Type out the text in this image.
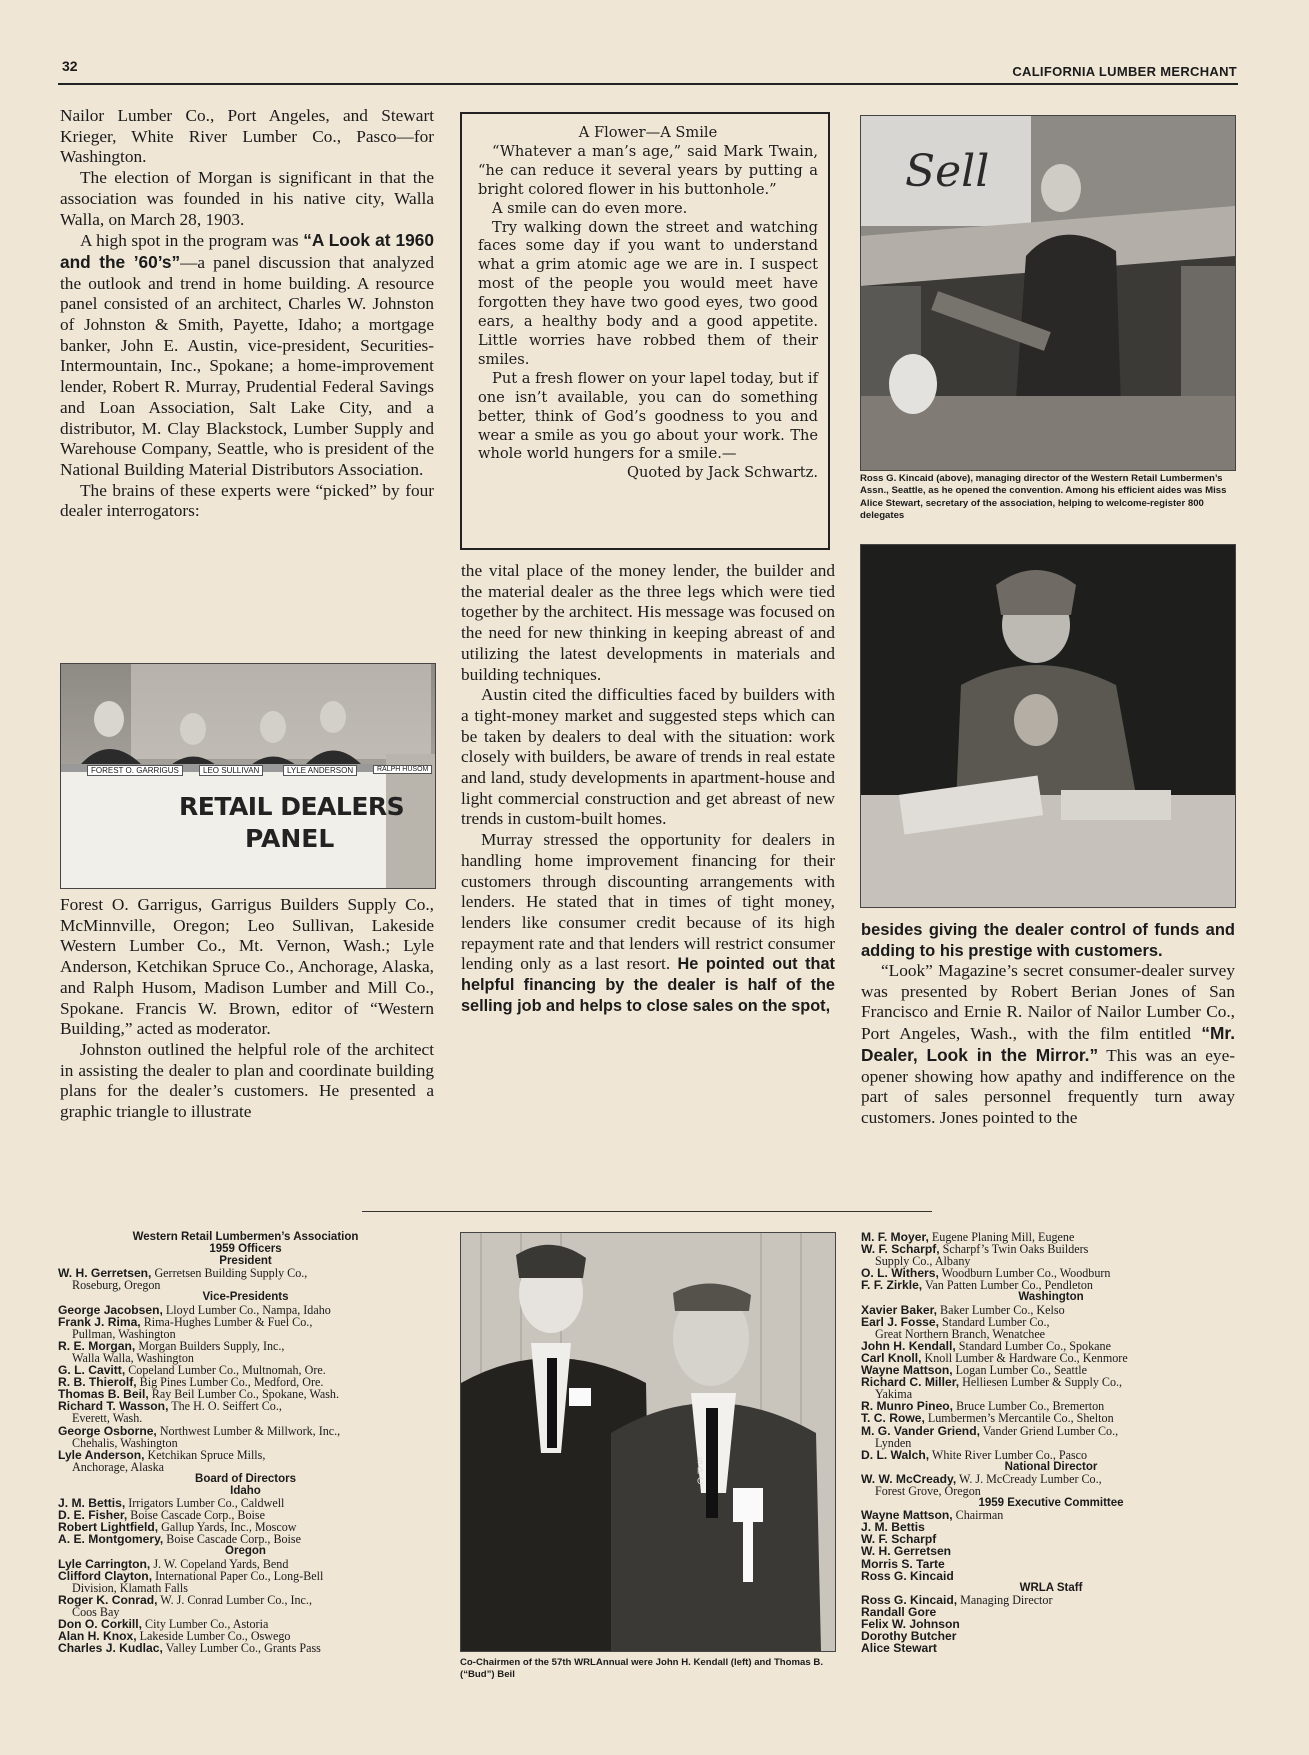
32	CALIFORNIA LUMBER MERCHANT

Nailor Lumber Co., Port Angeles, and Stewart Krieger, White River Lumber Co., Pasco—for Washington.

The election of Morgan is significant in that the association was founded in his native city, Walla Walla, on March 28, 1903.

A high spot in the program was “A Look at 1960 and the ’60’s”—a panel discussion that analyzed the outlook and trend in home building. A resource panel consisted of an architect, Charles W. Johnston of Johnston & Smith, Payette, Idaho; a mortgage banker, John E. Austin, vice-president, Securities-Intermountain, Inc., Spokane; a home-improvement lender, Robert R. Murray, Prudential Federal Savings and Loan Association, Salt Lake City, and a distributor, M. Clay Blackstock, Lumber Supply and Warehouse Company, Seattle, who is president of the National Building Material Distributors Association.

The brains of these experts were “picked” by four dealer interrogators:

FOREST O. GARRIGUS	LEO SULLIVAN	LYLE ANDERSON	RALPH HUSOM
RETAIL DEALERS
PANEL

Forest O. Garrigus, Garrigus Builders Supply Co., McMinnville, Oregon; Leo Sullivan, Lakeside Western Lumber Co., Mt. Vernon, Wash.; Lyle Anderson, Ketchikan Spruce Co., Anchorage, Alaska, and Ralph Husom, Madison Lumber and Mill Co., Spokane. Francis W. Brown, editor of “Western Building,” acted as moderator.

Johnston outlined the helpful role of the architect in assisting the dealer to plan and coordinate building plans for the dealer’s customers. He presented a graphic triangle to illustrate

A Flower—A Smile

“Whatever a man’s age,” said Mark Twain, “he can reduce it several years by putting a bright colored flower in his buttonhole.”

A smile can do even more.

Try walking down the street and watching faces some day if you want to understand what a grim atomic age we are in. I suspect most of the people you would meet have forgotten they have two good eyes, two good ears, a healthy body and a good appetite. Little worries have robbed them of their smiles.

Put a fresh flower on your lapel today, but if one isn’t available, you can do something better, think of God’s goodness to you and wear a smile as you go about your work. The whole world hungers for a smile.—

Quoted by Jack Schwartz.

the vital place of the money lender, the builder and the material dealer as the three legs which were tied together by the architect. His message was focused on the need for new thinking in keeping abreast of and utilizing the latest developments in materials and building techniques.

Austin cited the difficulties faced by builders with a tight-money market and suggested steps which can be taken by dealers to deal with the situation: work closely with builders, be aware of trends in real estate and land, study developments in apartment-house and light commercial construction and get abreast of new trends in custom-built homes.

Murray stressed the opportunity for dealers in handling home improvement financing for their customers through discounting arrangements with lenders. He stated that in times of tight money, lenders like consumer credit because of its high repayment rate and that lenders will restrict consumer lending only as a last resort. He pointed out that helpful financing by the dealer is half of the selling job and helps to close sales on the spot,

Sell
Ross G. Kincaid (above), managing director of the Western Retail Lumbermen’s Assn., Seattle, as he opened the convention. Among his efficient aides was Miss Alice Stewart, secretary of the association, helping to welcome-register 800 delegates

besides giving the dealer control of funds and adding to his prestige with customers.

“Look” Magazine’s secret consumer-dealer survey was presented by Robert Berian Jones of San Francisco and Ernie R. Nailor of Nailor Lumber Co., Port Angeles, Wash., with the film entitled “Mr. Dealer, Look in the Mirror.” This was an eye-opener showing how apathy and indifference on the part of sales personnel frequently turn away customers. Jones pointed to the

Western Retail Lumbermen’s Association
1959 Officers
President
W. H. Gerretsen, Gerretsen Building Supply Co.,
Roseburg, Oregon
Vice-Presidents
George Jacobsen, Lloyd Lumber Co., Nampa, Idaho
Frank J. Rima, Rima-Hughes Lumber & Fuel Co.,
Pullman, Washington
R. E. Morgan, Morgan Builders Supply, Inc.,
Walla Walla, Washington
G. L. Cavitt, Copeland Lumber Co., Multnomah, Ore.
R. B. Thierolf, Big Pines Lumber Co., Medford, Ore.
Thomas B. Beil, Ray Beil Lumber Co., Spokane, Wash.
Richard T. Wasson, The H. O. Seiffert Co.,
Everett, Wash.
George Osborne, Northwest Lumber & Millwork, Inc.,
Chehalis, Washington
Lyle Anderson, Ketchikan Spruce Mills,
Anchorage, Alaska
Board of Directors
Idaho
J. M. Bettis, Irrigators Lumber Co., Caldwell
D. E. Fisher, Boise Cascade Corp., Boise
Robert Lightfield, Gallup Yards, Inc., Moscow
A. E. Montgomery, Boise Cascade Corp., Boise
Oregon
Lyle Carrington, J. W. Copeland Yards, Bend
Clifford Clayton, International Paper Co., Long-Bell
Division, Klamath Falls
Roger K. Conrad, W. J. Conrad Lumber Co., Inc.,
Coos Bay
Don O. Corkill, City Lumber Co., Astoria
Alan H. Knox, Lakeside Lumber Co., Oswego
Charles J. Kudlac, Valley Lumber Co., Grants Pass
SPC
Co-Chairmen of the 57th WRLAnnual were John H. Kendall (left) and Thomas B. (“Bud”) Beil
M. F. Moyer, Eugene Planing Mill, Eugene
W. F. Scharpf, Scharpf’s Twin Oaks Builders
Supply Co., Albany
O. L. Withers, Woodburn Lumber Co., Woodburn
F. F. Zirkle, Van Patten Lumber Co., Pendleton
Washington
Xavier Baker, Baker Lumber Co., Kelso
Earl J. Fosse, Standard Lumber Co.,
Great Northern Branch, Wenatchee
John H. Kendall, Standard Lumber Co., Spokane
Carl Knoll, Knoll Lumber & Hardware Co., Kenmore
Wayne Mattson, Logan Lumber Co., Seattle
Richard C. Miller, Helliesen Lumber & Supply Co.,
Yakima
R. Munro Pineo, Bruce Lumber Co., Bremerton
T. C. Rowe, Lumbermen’s Mercantile Co., Shelton
M. G. Vander Griend, Vander Griend Lumber Co.,
Lynden
D. L. Walch, White River Lumber Co., Pasco
National Director
W. W. McCready, W. J. McCready Lumber Co.,
Forest Grove, Oregon
1959 Executive Committee
Wayne Mattson, Chairman
J. M. Bettis
W. F. Scharpf
W. H. Gerretsen
Morris S. Tarte
Ross G. Kincaid
WRLA Staff
Ross G. Kincaid, Managing Director
Randall Gore
Felix W. Johnson
Dorothy Butcher
Alice Stewart
